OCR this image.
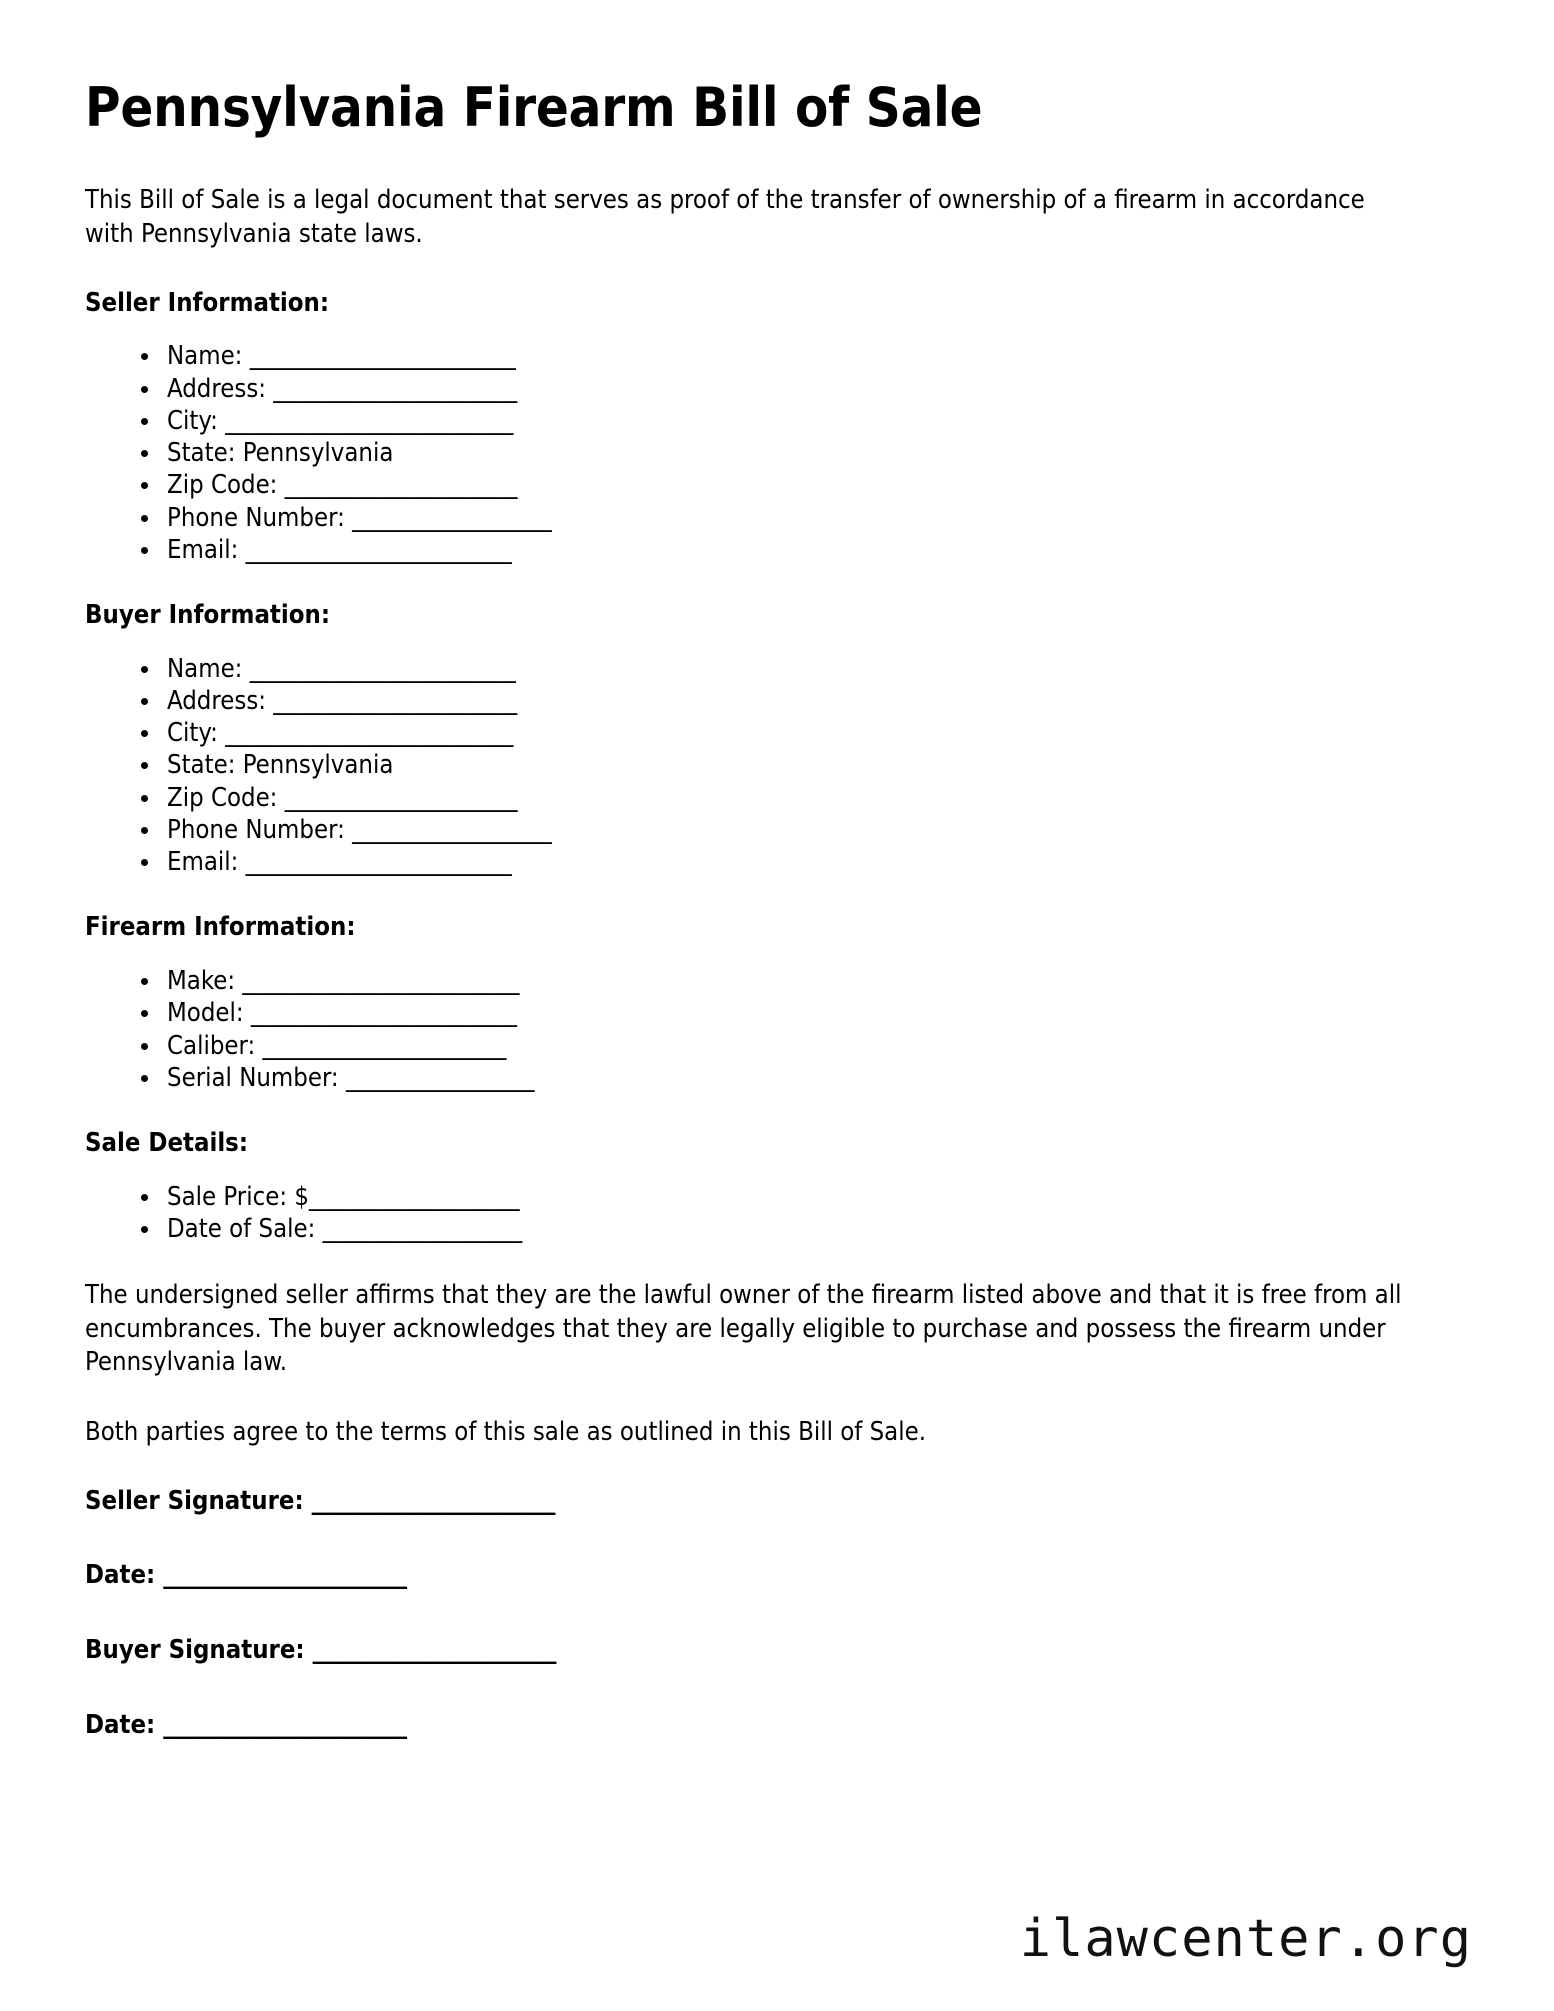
Pennsylvania Firearm Bill of Sale

This Bill of Sale is a legal document that serves as proof of the transfer of ownership of a firearm in accordance with Pennsylvania state laws.

Seller Information:
Name: ________________________
Address: ______________________
City: __________________________
State: Pennsylvania
Zip Code: _____________________
Phone Number: __________________
Email: ________________________
Buyer Information:
Name: ________________________
Address: ______________________
City: __________________________
State: Pennsylvania
Zip Code: _____________________
Phone Number: __________________
Email: ________________________
Firearm Information:
Make: _________________________
Model: ________________________
Caliber: ______________________
Serial Number: _________________
Sale Details:
Sale Price: $___________________
Date of Sale: __________________

The undersigned seller affirms that they are the lawful owner of the firearm listed above and that it is free from all encumbrances. The buyer acknowledges that they are legally eligible to purchase and possess the firearm under Pennsylvania law.

Both parties agree to the terms of this sale as outlined in this Bill of Sale.

Seller Signature: ______________________
Date: ______________________
Buyer Signature: ______________________
Date: ______________________
ilawcenter.org
